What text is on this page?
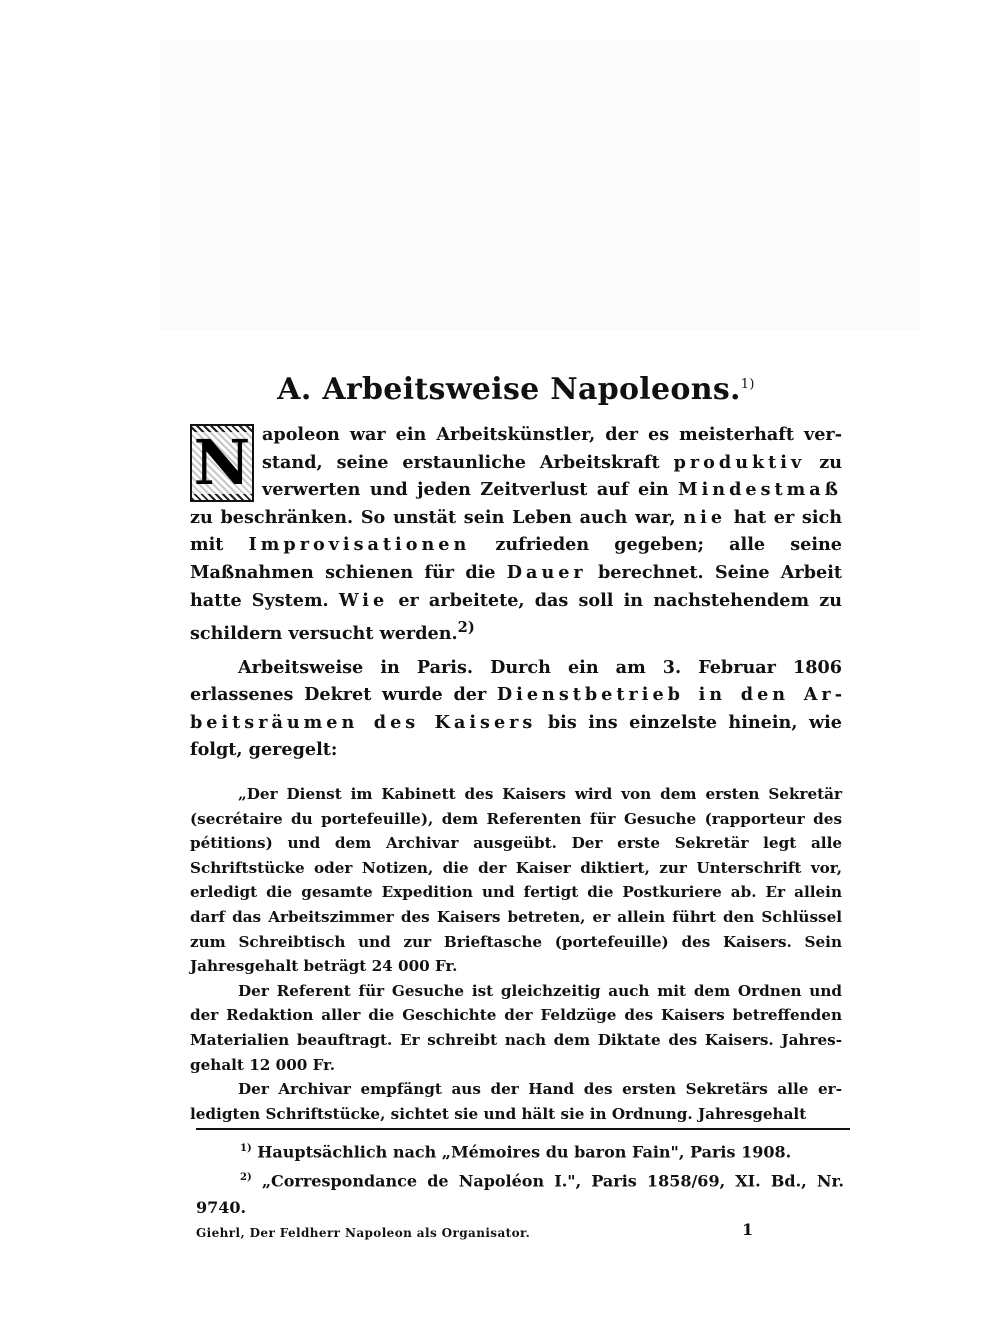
A. Arbeitsweise Napoleons.$^{1)}$
N apoleon war ein Arbeitskünstler, der es meisterhaft verstand, seine erstaunliche Arbeitskraft produktiv zu verwerten und jeden Zeitverlust auf ein Mindestmaß zu beschränken. So unstät sein Leben auch war, nie hat er sich mit Improvisationen zufrieden gegeben; alle seine Maßnahmen schienen für die Dauer berechnet. Seine Arbeit hatte System. Wie er arbeitete, das soll in nachstehendem zu schildern versucht werden.$^{2)}$
Arbeitsweise in Paris. Durch ein am 3. Februar 1806 erlassenes Dekret wurde der Dienstbetrieb in den Arbeitsräumen des Kaisers bis ins einzelste hinein, wie folgt, geregelt:

„Der Dienst im Kabinett des Kaisers wird von dem ersten Sekretär (secrétaire du portefeuille), dem Referenten für Gesuche (rapporteur des pétitions) und dem Archivar ausgeübt. Der erste Sekretär legt alle Schriftstücke oder Notizen, die der Kaiser diktiert, zur Unterschrift vor, erledigt die gesamte Expedition und fertigt die Postkuriere ab. Er allein darf das Arbeitszimmer des Kaisers betreten, er allein führt den Schlüssel zum Schreibtisch und zur Brieftasche (portefeuille) des Kaisers. Sein Jahresgehalt beträgt 24 000 Fr.

Der Referent für Gesuche ist gleichzeitig auch mit dem Ordnen und der Redaktion aller die Geschichte der Feldzüge des Kaisers betreffenden Materialien beauftragt. Er schreibt nach dem Diktate des Kaisers. Jahresgehalt 12 000 Fr.

Der Archivar empfängt aus der Hand des ersten Sekretärs alle erledigten Schriftstücke, sichtet sie und hält sie in Ordnung. Jahresgehalt

$^{1)}$ Hauptsächlich nach „Mémoires du baron Fain", Paris 1908.

$^{2)}$ „Correspondance de Napoléon I.", Paris 1858/69, XI. Bd., Nr. 9740.

Giehrl, Der Feldherr Napoleon als Organisator.	1
